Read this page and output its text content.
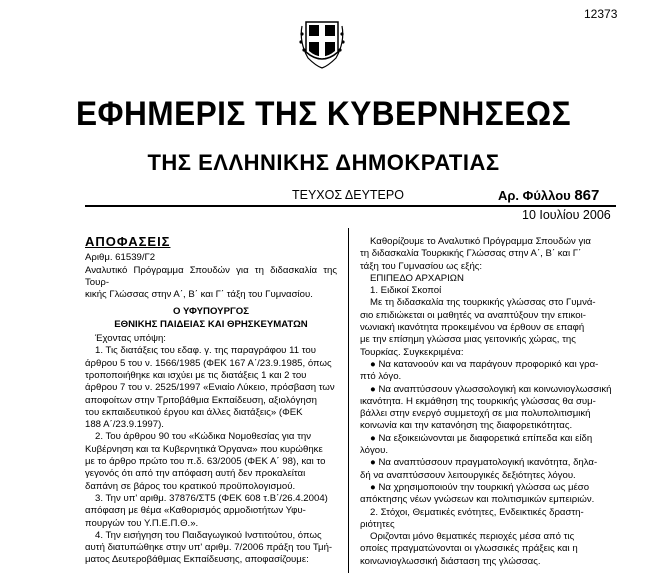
12373
ΕΦΗΜΕΡΙΣ ΤΗΣ ΚΥΒΕΡΝΗΣΕΩΣ
ΤΗΣ ΕΛΛΗΝΙΚΗΣ ΔΗΜΟΚΡΑΤΙΑΣ
ΤΕΥΧΟΣ ΔΕΥΤΕΡΟ	Αρ. Φύλλου 867
10 Ιουλίου 2006

ΑΠΟΦΑΣΕΙΣ

Αριθμ. 61539/Γ2

Αναλυτικό Πρόγραμμα Σπουδών για τη διδασκαλία της Τουρ-

κικής Γλώσσας στην Α΄, Β΄ και Γ΄ τάξη του Γυμνασίου.

Ο ΥΦΥΠΟΥΡΓΟΣ

ΕΘΝΙΚΗΣ ΠΑΙΔΕΙΑΣ ΚΑΙ ΘΡΗΣΚΕΥΜΑΤΩΝ

Έχοντας υπόψη:

1. Τις διατάξεις του εδαφ. γ. της παραγράφου 11 του

άρθρου 5 του ν. 1566/1985 (ΦΕΚ 167 Α΄/23.9.1985, όπως

τροποποιήθηκε και ισχύει με τις διατάξεις 1 και 2 του

άρθρου 7 του ν. 2525/1997 «Ενιαίο Λύκειο, πρόσβαση των

αποφοίτων στην Τριτοβάθμια Εκπαίδευση, αξιολόγηση

του εκπαιδευτικού έργου και άλλες διατάξεις» (ΦΕΚ

188 Α΄/23.9.1997).

2. Του άρθρου 90 του «Κώδικα Νομοθεσίας για την

Κυβέρνηση και τα Κυβερνητικά Όργανα» που κυρώθηκε

με το άρθρο πρώτο του π.δ. 63/2005 (ΦΕΚ Α΄ 98), και το

γεγονός ότι από την απόφαση αυτή δεν προκαλείται

δαπάνη σε βάρος του κρατικού προϋπολογισμού.

3. Την υπ' αριθμ. 37876/ΣΤ5 (ΦΕΚ 608 τ.Β΄/26.4.2004)

απόφαση με θέμα «Καθορισμός αρμοδιοτήτων Υφυ-

πουργών του Υ.Π.Ε.Π.Θ.».

4. Την εισήγηση του Παιδαγωγικού Ινστιτούτου, όπως

αυτή διατυπώθηκε στην υπ' αριθμ. 7/2006 πράξη του Τμή-

ματος Δευτεροβάθμιας Εκπαίδευσης, αποφασίζουμε:

Καθορίζουμε το Αναλυτικό Πρόγραμμα Σπουδών για

τη διδασκαλία Τουρκικής Γλώσσας στην Α΄, Β΄ και Γ΄

τάξη του Γυμνασίου ως εξής:

ΕΠΙΠΕΔΟ ΑΡΧΑΡΙΩΝ

1. Ειδικοί Σκοποί

Με τη διδασκαλία της τουρκικής γλώσσας στο Γυμνά-

σιο επιδιώκεται οι μαθητές να αναπτύξουν την επικοι-

νωνιακή ικανότητα προκειμένου να έρθουν σε επαφή

με την επίσημη γλώσσα μιας γειτονικής χώρας, της

Τουρκίας. Συγκεκριμένα:

● Να κατανοούν και να παράγουν προφορικό και γρα-

πτό λόγο.

● Να αναπτύσσουν γλωσσολογική και κοινωνιογλωσσική

ικανότητα. Η εκμάθηση της τουρκικής γλώσσας θα συμ-

βάλλει στην ενεργό συμμετοχή σε μια πολυπολιτισμική

κοινωνία και την κατανόηση της διαφορετικότητας.

● Να εξοικειώνονται με διαφορετικά επίπεδα και είδη

λόγου.

● Να αναπτύσσουν πραγματολογική ικανότητα, δηλα-

δή να αναπτύσσουν λειτουργικές δεξιότητες λόγου.

● Να χρησιμοποιούν την τουρκική γλώσσα ως μέσο

απόκτησης νέων γνώσεων και πολιτισμικών εμπειριών.

2. Στόχοι, Θεματικές ενότητες, Ενδεικτικές δραστη-

ριότητες

Οριζονται μόνο θεματικές περιοχές μέσα από τις

οποίες πραγματώνονται οι γλωσσικές πράξεις και η

κοινωνιογλωσσική διάσταση της γλώσσας.
